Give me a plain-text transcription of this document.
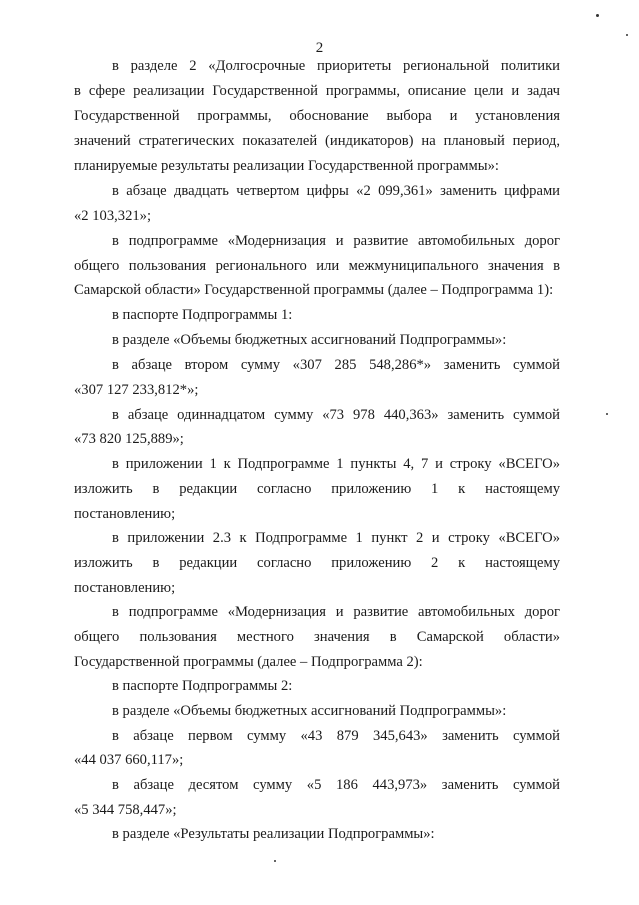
2
в разделе 2 «Долгосрочные приоритеты региональной политики
в сфере реализации Государственной программы, описание цели и задач
Государственной программы, обоснование выбора и установления
значений стратегических показателей (индикаторов) на плановый период,
планируемые результаты реализации Государственной программы»:
в абзаце двадцать четвертом цифры «2 099,361» заменить цифрами
«2 103,321»;
в подпрограмме «Модернизация и развитие автомобильных дорог
общего пользования регионального или межмуниципального значения в
Самарской области» Государственной программы (далее – Подпрограмма 1):
в паспорте Подпрограммы 1:
в разделе «Объемы бюджетных ассигнований Подпрограммы»:
в абзаце втором сумму «307 285 548,286*» заменить суммой
«307 127 233,812*»;
в абзаце одиннадцатом сумму «73 978 440,363» заменить суммой
«73 820 125,889»;
в приложении 1 к Подпрограмме 1 пункты 4, 7 и строку «ВСЕГО»
изложить в редакции согласно приложению 1 к настоящему
постановлению;
в приложении 2.3 к Подпрограмме 1 пункт 2 и строку «ВСЕГО»
изложить в редакции согласно приложению 2 к настоящему
постановлению;
в подпрограмме «Модернизация и развитие автомобильных дорог
общего пользования местного значения в Самарской области»
Государственной программы (далее – Подпрограмма 2):
в паспорте Подпрограммы 2:
в разделе «Объемы бюджетных ассигнований Подпрограммы»:
в абзаце первом сумму «43 879 345,643» заменить суммой
«44 037 660,117»;
в абзаце десятом сумму «5 186 443,973» заменить суммой
«5 344 758,447»;
в разделе «Результаты реализации Подпрограммы»:
